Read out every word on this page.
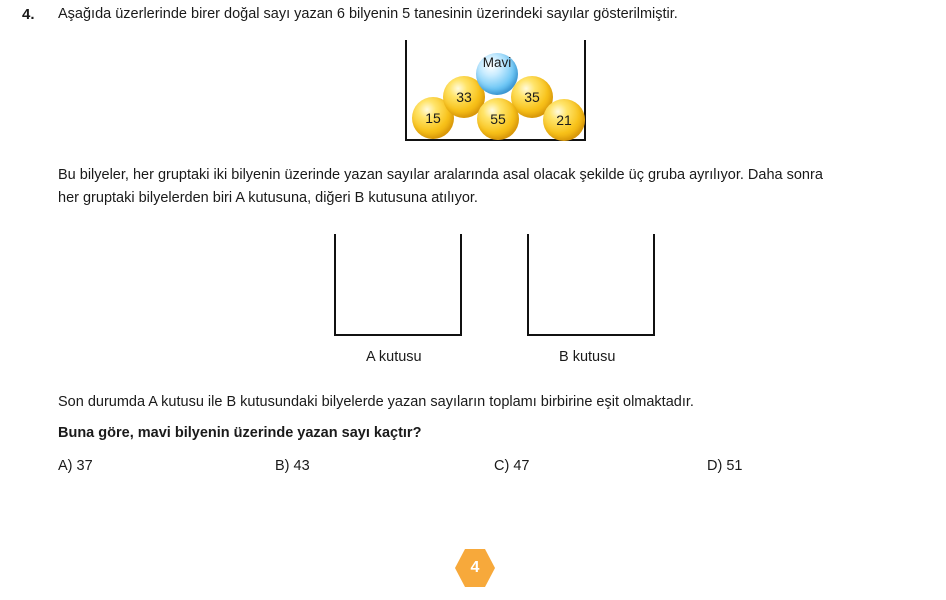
4. Aşağıda üzerlerinde birer doğal sayı yazan 6 bilyenin 5 tanesinin üzerindeki sayılar gösterilmiştir.
15
33
Mavi
35
55	21
Bu bilyeler, her gruptaki iki bilyenin üzerinde yazan sayılar aralarında asal olacak şekilde üç gruba ayrılıyor. Daha sonra
her gruptaki bilyelerden biri A kutusuna, diğeri B kutusuna atılıyor.
A kutusu	B kutusu
Son durumda A kutusu ile B kutusundaki bilyelerde yazan sayıların toplamı birbirine eşit olmaktadır.
Buna göre, mavi bilyenin üzerinde yazan sayı kaçtır?
A) 37	B) 43	C) 47	D) 51
4
